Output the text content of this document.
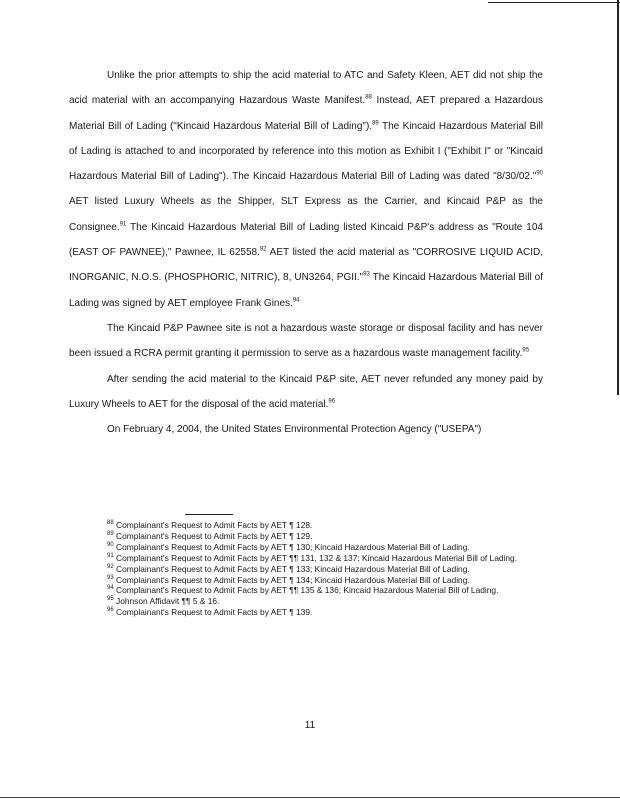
Unlike the prior attempts to ship the acid material to ATC and Safety Kleen, AET did not ship the acid material with an accompanying Hazardous Waste Manifest.$^{88}$ Instead, AET prepared a Hazardous Material Bill of Lading ("Kincaid Hazardous Material Bill of Lading").$^{89}$ The Kincaid Hazardous Material Bill of Lading is attached to and incorporated by reference into this motion as Exhibit I ("Exhibit I" or "Kincaid Hazardous Material Bill of Lading"). The Kincaid Hazardous Material Bill of Lading was dated "8/30/02."$^{90}$ AET listed Luxury Wheels as the Shipper, SLT Express as the Carrier, and Kincaid P&P as the Consignee.$^{91}$ The Kincaid Hazardous Material Bill of Lading listed Kincaid P&P's address as "Route 104 (EAST OF PAWNEE)," Pawnee, IL 62558.92 AET listed the acid material as "CORROSIVE LIQUID ACID, INORGANIC, N.O.S. (PHOSPHORIC, NITRIC), 8, UN3264, PGII."$^{93}$ The Kincaid Hazardous Material Bill of Lading was signed by AET employee Frank Gines.$^{94}$

The Kincaid P&P Pawnee site is not a hazardous waste storage or disposal facility and has never been issued a RCRA permit granting it permission to serve as a hazardous waste management facility.$^{95}$

After sending the acid material to the Kincaid P&P site, AET never refunded any money paid by Luxury Wheels to AET for the disposal of the acid material.$^{96}$

On February 4, 2004, the United States Environmental Protection Agency ("USEPA")

$^{88}$ Complainant's Request to Admit Facts by AET ¶ 128.

$^{89}$ Complainant's Request to Admit Facts by AET ¶ 129.

$^{90}$ Complainant's Request to Admit Facts by AET ¶ 130; Kincaid Hazardous Material Bill of Lading.

$^{91}$ Complainant's Request to Admit Facts by AET ¶¶ 131, 132 & 137; Kincaid Hazardous Material Bill of Lading.

$^{92}$ Complainant's Request to Admit Facts by AET ¶ 133; Kincaid Hazardous Material Bill of Lading.

$^{93}$ Complainant's Request to Admit Facts by AET ¶ 134; Kincaid Hazardous Material Bill of Lading.

$^{94}$ Complainant's Request to Admit Facts by AET ¶¶ 135 & 136; Kincaid Hazardous Material Bill of Lading.

$^{95}$ Johnson Affidavit ¶¶ 5 & 16.

$^{96}$ Complainant's Request to Admit Facts by AET ¶ 139.

11
